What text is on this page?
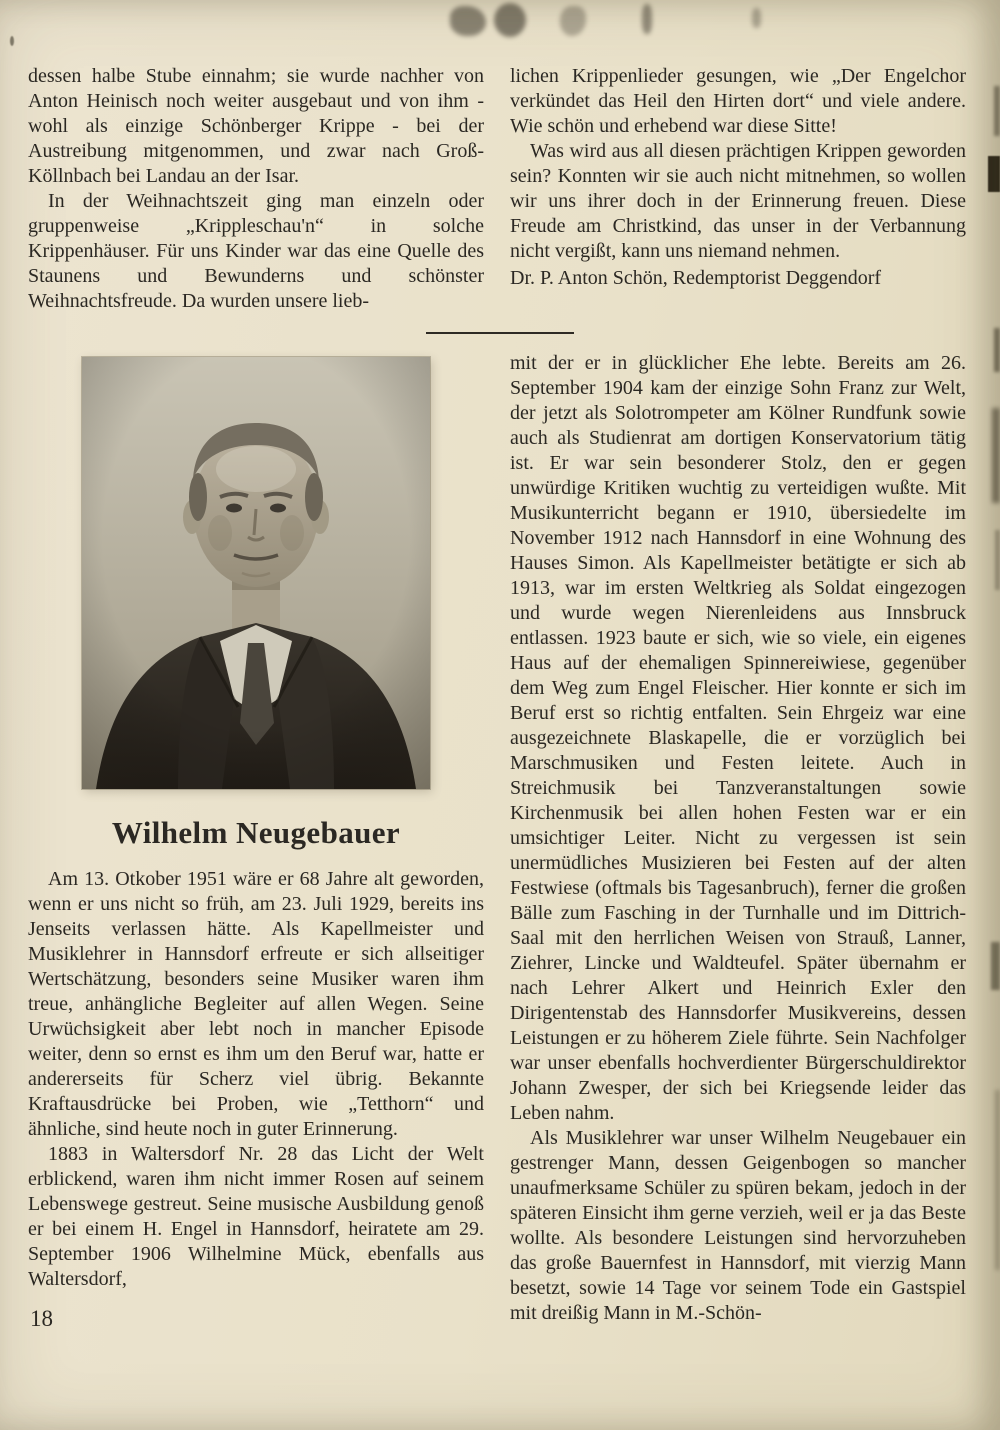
dessen halbe Stube einnahm; sie wurde nachher von Anton Heinisch noch weiter ausgebaut und von ihm - wohl als einzige Schönberger Krippe - bei der Austreibung mitgenommen, und zwar nach Groß-Köllnbach bei Landau an der Isar.

In der Weihnachtszeit ging man einzeln oder gruppenweise „Krippleschau'n“ in solche Krippenhäuser. Für uns Kinder war das eine Quelle des Staunens und Bewunderns und schönster Weihnachtsfreude. Da wurden unsere lieb-

lichen Krippenlieder gesungen, wie „Der Engelchor verkündet das Heil den Hirten dort“ und viele andere. Wie schön und erhebend war diese Sitte!

Was wird aus all diesen prächtigen Krippen geworden sein? Konnten wir sie auch nicht mitnehmen, so wollen wir uns ihrer doch in der Erinnerung freuen. Diese Freude am Christkind, das unser in der Verbannung nicht vergißt, kann uns niemand nehmen.

Dr. P. Anton Schön, Redemptorist Deggendorf

Wilhelm Neugebauer

Am 13. Otkober 1951 wäre er 68 Jahre alt geworden, wenn er uns nicht so früh, am 23. Juli 1929, bereits ins Jenseits verlassen hätte. Als Kapellmeister und Musiklehrer in Hannsdorf erfreute er sich allseitiger Wertschätzung, besonders seine Musiker waren ihm treue, anhängliche Begleiter auf allen Wegen. Seine Urwüchsigkeit aber lebt noch in mancher Episode weiter, denn so ernst es ihm um den Beruf war, hatte er andererseits für Scherz viel übrig. Bekannte Kraftausdrücke bei Proben, wie „Tetthorn“ und ähnliche, sind heute noch in guter Erinnerung.

1883 in Waltersdorf Nr. 28 das Licht der Welt erblickend, waren ihm nicht immer Rosen auf seinem Lebenswege gestreut. Seine musische Ausbildung genoß er bei einem H. Engel in Hannsdorf, heiratete am 29. September 1906 Wilhelmine Mück, ebenfalls aus Waltersdorf,

mit der er in glücklicher Ehe lebte. Bereits am 26. September 1904 kam der einzige Sohn Franz zur Welt, der jetzt als Solotrompeter am Kölner Rundfunk sowie auch als Studienrat am dortigen Konservatorium tätig ist. Er war sein besonderer Stolz, den er gegen unwürdige Kritiken wuchtig zu verteidigen wußte. Mit Musikunterricht begann er 1910, übersiedelte im November 1912 nach Hannsdorf in eine Wohnung des Hauses Simon. Als Kapellmeister betätigte er sich ab 1913, war im ersten Weltkrieg als Soldat eingezogen und wurde wegen Nierenleidens aus Innsbruck entlassen. 1923 baute er sich, wie so viele, ein eigenes Haus auf der ehemaligen Spinnereiwiese, gegenüber dem Weg zum Engel Fleischer. Hier konnte er sich im Beruf erst so richtig entfalten. Sein Ehrgeiz war eine ausgezeichnete Blaskapelle, die er vorzüglich bei Marschmusiken und Festen leitete. Auch in Streichmusik bei Tanzveranstaltungen sowie Kirchenmusik bei allen hohen Festen war er ein umsichtiger Leiter. Nicht zu vergessen ist sein unermüdliches Musizieren bei Festen auf der alten Festwiese (oftmals bis Tagesanbruch), ferner die großen Bälle zum Fasching in der Turnhalle und im Dittrich-Saal mit den herrlichen Weisen von Strauß, Lanner, Ziehrer, Lincke und Waldteufel. Später übernahm er nach Lehrer Alkert und Heinrich Exler den Dirigentenstab des Hannsdorfer Musikvereins, dessen Leistungen er zu höherem Ziele führte. Sein Nachfolger war unser ebenfalls hochverdienter Bürgerschuldirektor Johann Zwesper, der sich bei Kriegsende leider das Leben nahm.

Als Musiklehrer war unser Wilhelm Neugebauer ein gestrenger Mann, dessen Geigenbogen so mancher unaufmerksame Schüler zu spüren bekam, jedoch in der späteren Einsicht ihm gerne verzieh, weil er ja das Beste wollte. Als besondere Leistungen sind hervorzuheben das große Bauernfest in Hannsdorf, mit vierzig Mann besetzt, sowie 14 Tage vor seinem Tode ein Gastspiel mit dreißig Mann in M.-Schön-

18
